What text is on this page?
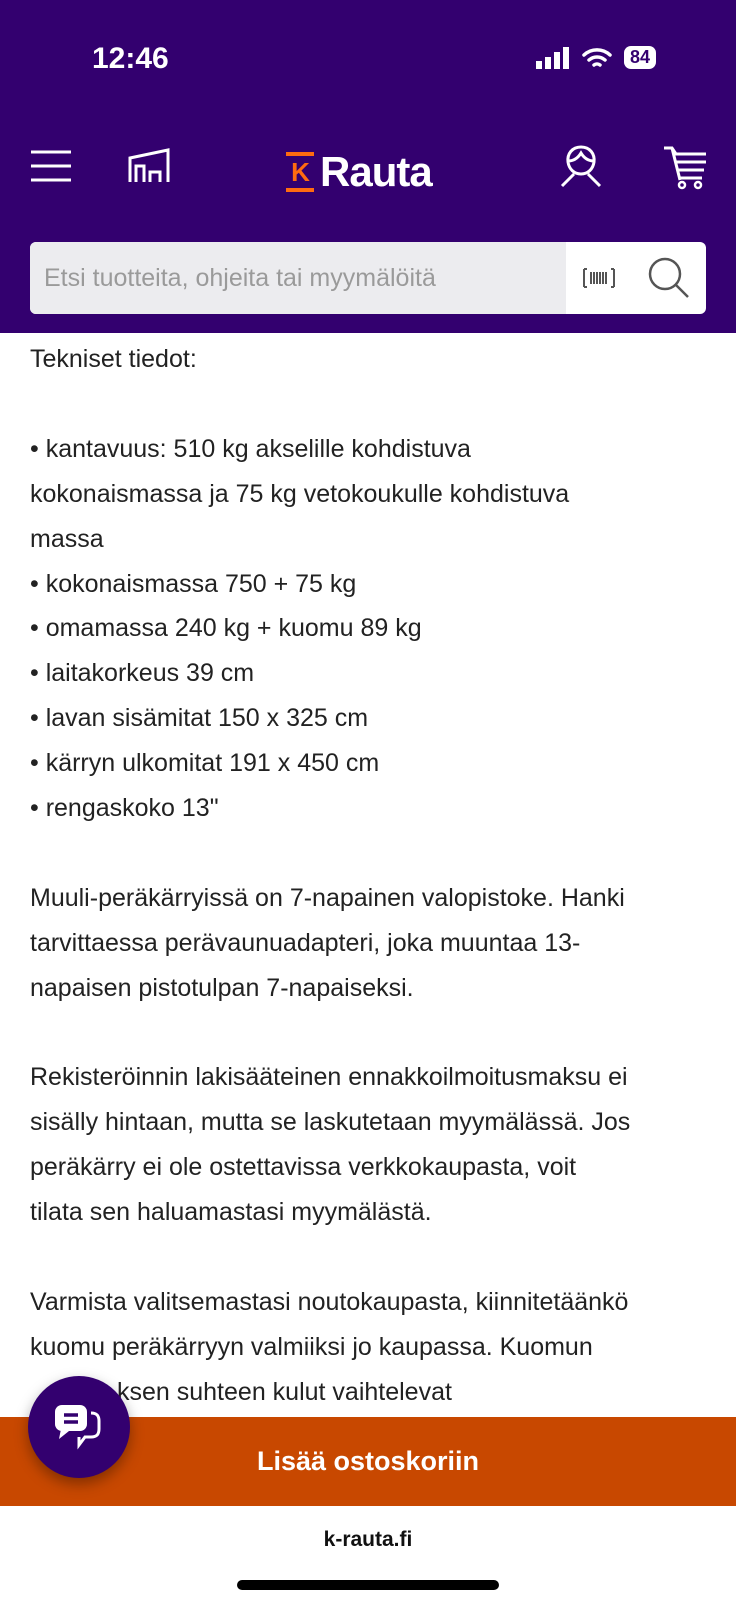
Tekniset tiedot:

• kantavuus: 510 kg akselille kohdistuva

kokonaismassa ja 75 kg vetokoukulle kohdistuva

massa

• kokonaismassa 750 + 75 kg

• omamassa 240 kg + kuomu 89 kg

• laitakorkeus 39 cm

• lavan sisämitat 150 x 325 cm

• kärryn ulkomitat 191 x 450 cm

• rengaskoko 13"

Muuli-peräkärryissä on 7-napainen valopistoke. Hanki

tarvittaessa perävaunuadapteri, joka muuntaa 13-

napaisen pistotulpan 7-napaiseksi.

Rekisteröinnin lakisääteinen ennakkoilmoitusmaksu ei

sisälly hintaan, mutta se laskutetaan myymälässä. Jos

peräkärry ei ole ostettavissa verkkokaupasta, voit

tilata sen haluamastasi myymälästä.

Varmista valitsemastasi noutokaupasta, kiinnitetäänkö

kuomu peräkärryyn valmiiksi jo kaupassa. Kuomun

ksen suhteen kulut vaihtelevat

12:46	84
K Rauta
Etsi tuotteita, ohjeita tai myymälöitä
Lisää ostoskoriin
k-rauta.fi
